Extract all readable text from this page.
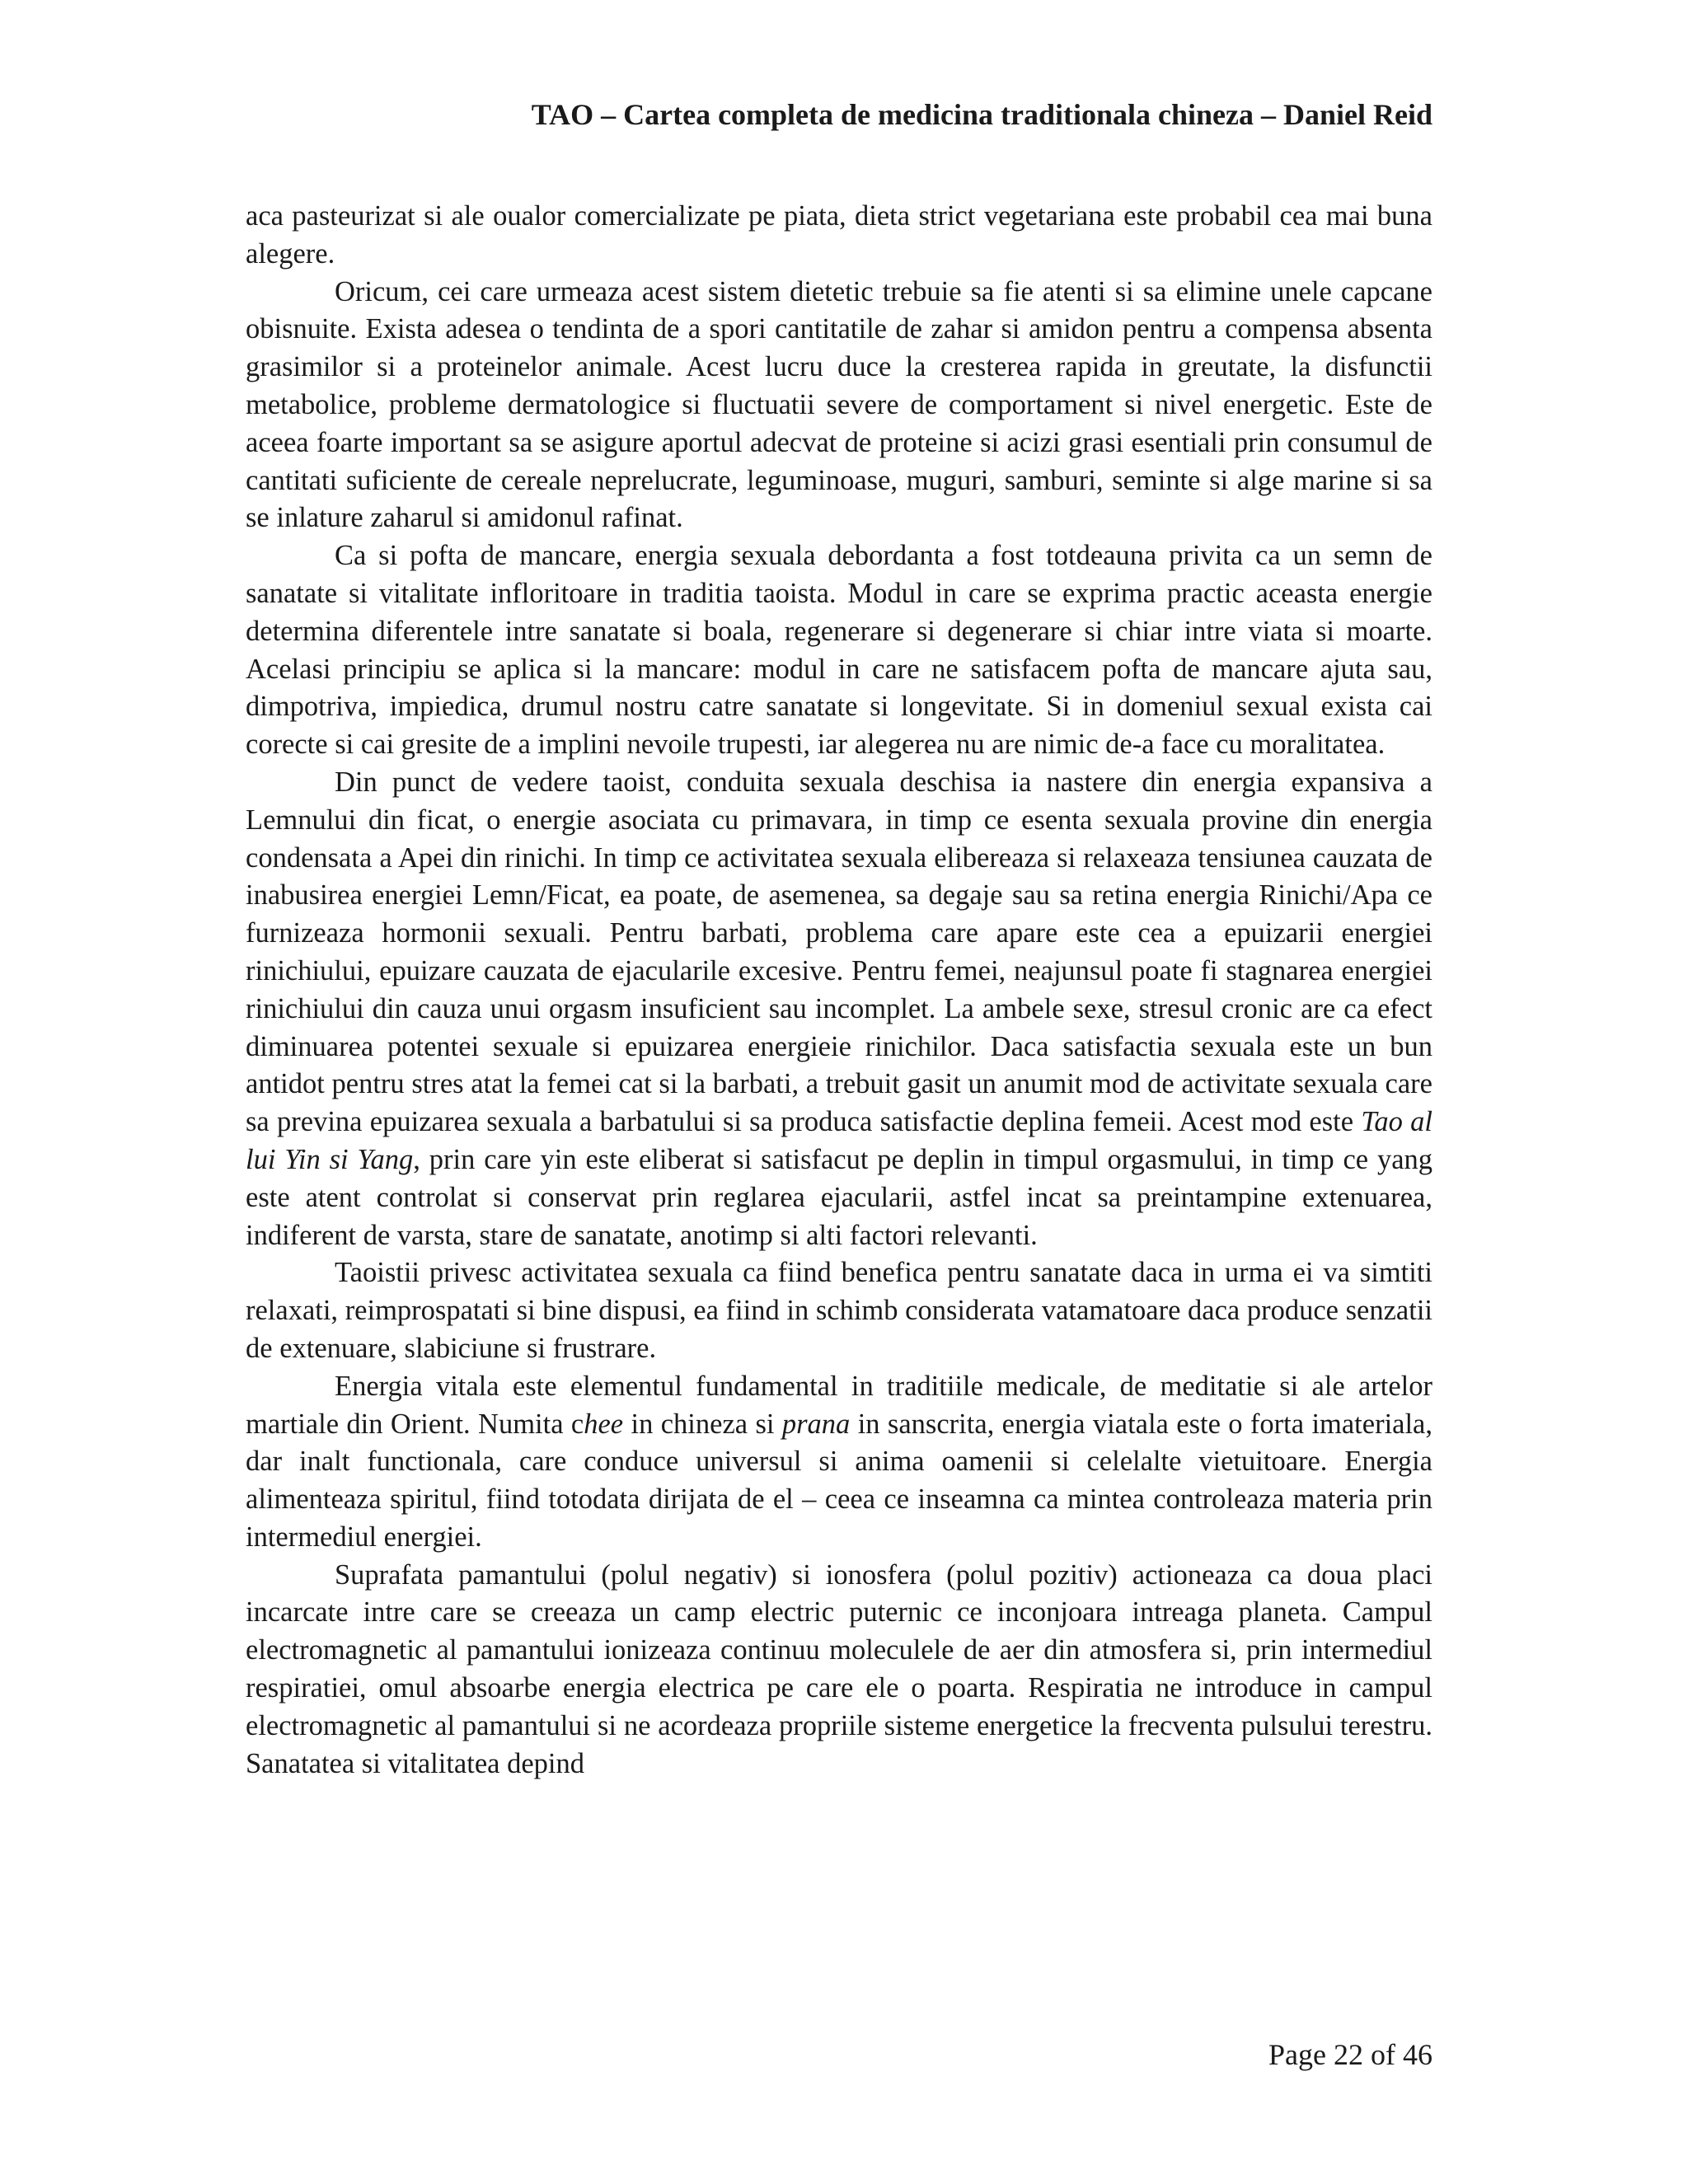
TAO – Cartea completa de medicina traditionala chineza – Daniel Reid

aca pasteurizat si ale oualor comercializate pe piata, dieta strict vegetariana este probabil cea mai buna alegere.

Oricum, cei care urmeaza acest sistem dietetic trebuie sa fie atenti si sa elimine unele capcane obisnuite. Exista adesea o tendinta de a spori cantitatile de zahar si amidon pentru a compensa absenta grasimilor si a proteinelor animale. Acest lucru duce la cresterea rapida in greutate, la disfunctii metabolice, probleme dermatologice si fluctuatii severe de comportament si nivel energetic. Este de aceea foarte important sa se asigure aportul adecvat de proteine si acizi grasi esentiali prin consumul de cantitati suficiente de cereale neprelucrate, leguminoase, muguri, samburi, seminte si alge marine si sa se inlature zaharul si amidonul rafinat.

Ca si pofta de mancare, energia sexuala debordanta a fost totdeauna privita ca un semn de sanatate si vitalitate infloritoare in traditia taoista. Modul in care se exprima practic aceasta energie determina diferentele intre sanatate si boala, regenerare si degenerare si chiar intre viata si moarte. Acelasi principiu se aplica si la mancare: modul in care ne satisfacem pofta de mancare ajuta sau, dimpotriva, impiedica, drumul nostru catre sanatate si longevitate. Si in domeniul sexual exista cai corecte si cai gresite de a implini nevoile trupesti, iar alegerea nu are nimic de-a face cu moralitatea.

Din punct de vedere taoist, conduita sexuala deschisa ia nastere din energia expansiva a Lemnului din ficat, o energie asociata cu primavara, in timp ce esenta sexuala provine din energia condensata a Apei din rinichi. In timp ce activitatea sexuala elibereaza si relaxeaza tensiunea cauzata de inabusirea energiei Lemn/Ficat, ea poate, de asemenea, sa degaje sau sa retina energia Rinichi/Apa ce furnizeaza hormonii sexuali. Pentru barbati, problema care apare este cea a epuizarii energiei rinichiului, epuizare cauzata de ejacularile excesive. Pentru femei, neajunsul poate fi stagnarea energiei rinichiului din cauza unui orgasm insuficient sau incomplet. La ambele sexe, stresul cronic are ca efect diminuarea potentei sexuale si epuizarea energieie rinichilor. Daca satisfactia sexuala este un bun antidot pentru stres atat la femei cat si la barbati, a trebuit gasit un anumit mod de activitate sexuala care sa previna epuizarea sexuala a barbatului si sa produca satisfactie deplina femeii. Acest mod este Tao al lui Yin si Yang, prin care yin este eliberat si satisfacut pe deplin in timpul orgasmului, in timp ce yang este atent controlat si conservat prin reglarea ejacularii, astfel incat sa preintampine extenuarea, indiferent de varsta, stare de sanatate, anotimp si alti factori relevanti.

Taoistii privesc activitatea sexuala ca fiind benefica pentru sanatate daca in urma ei va simtiti relaxati, reimprospatati si bine dispusi, ea fiind in schimb considerata vatamatoare daca produce senzatii de extenuare, slabiciune si frustrare.

Energia vitala este elementul fundamental in traditiile medicale, de meditatie si ale artelor martiale din Orient. Numita chee in chineza si prana in sanscrita, energia viatala este o forta imateriala, dar inalt functionala, care conduce universul si anima oamenii si celelalte vietuitoare. Energia alimenteaza spiritul, fiind totodata dirijata de el – ceea ce inseamna ca mintea controleaza materia prin intermediul energiei.

Suprafata pamantului (polul negativ) si ionosfera (polul pozitiv) actioneaza ca doua placi incarcate intre care se creeaza un camp electric puternic ce inconjoara intreaga planeta. Campul electromagnetic al pamantului ionizeaza continuu moleculele de aer din atmosfera si, prin intermediul respiratiei, omul absoarbe energia electrica pe care ele o poarta. Respiratia ne introduce in campul electromagnetic al pamantului si ne acordeaza propriile sisteme energetice la frecventa pulsului terestru. Sanatatea si vitalitatea depind

Page 22 of 46
